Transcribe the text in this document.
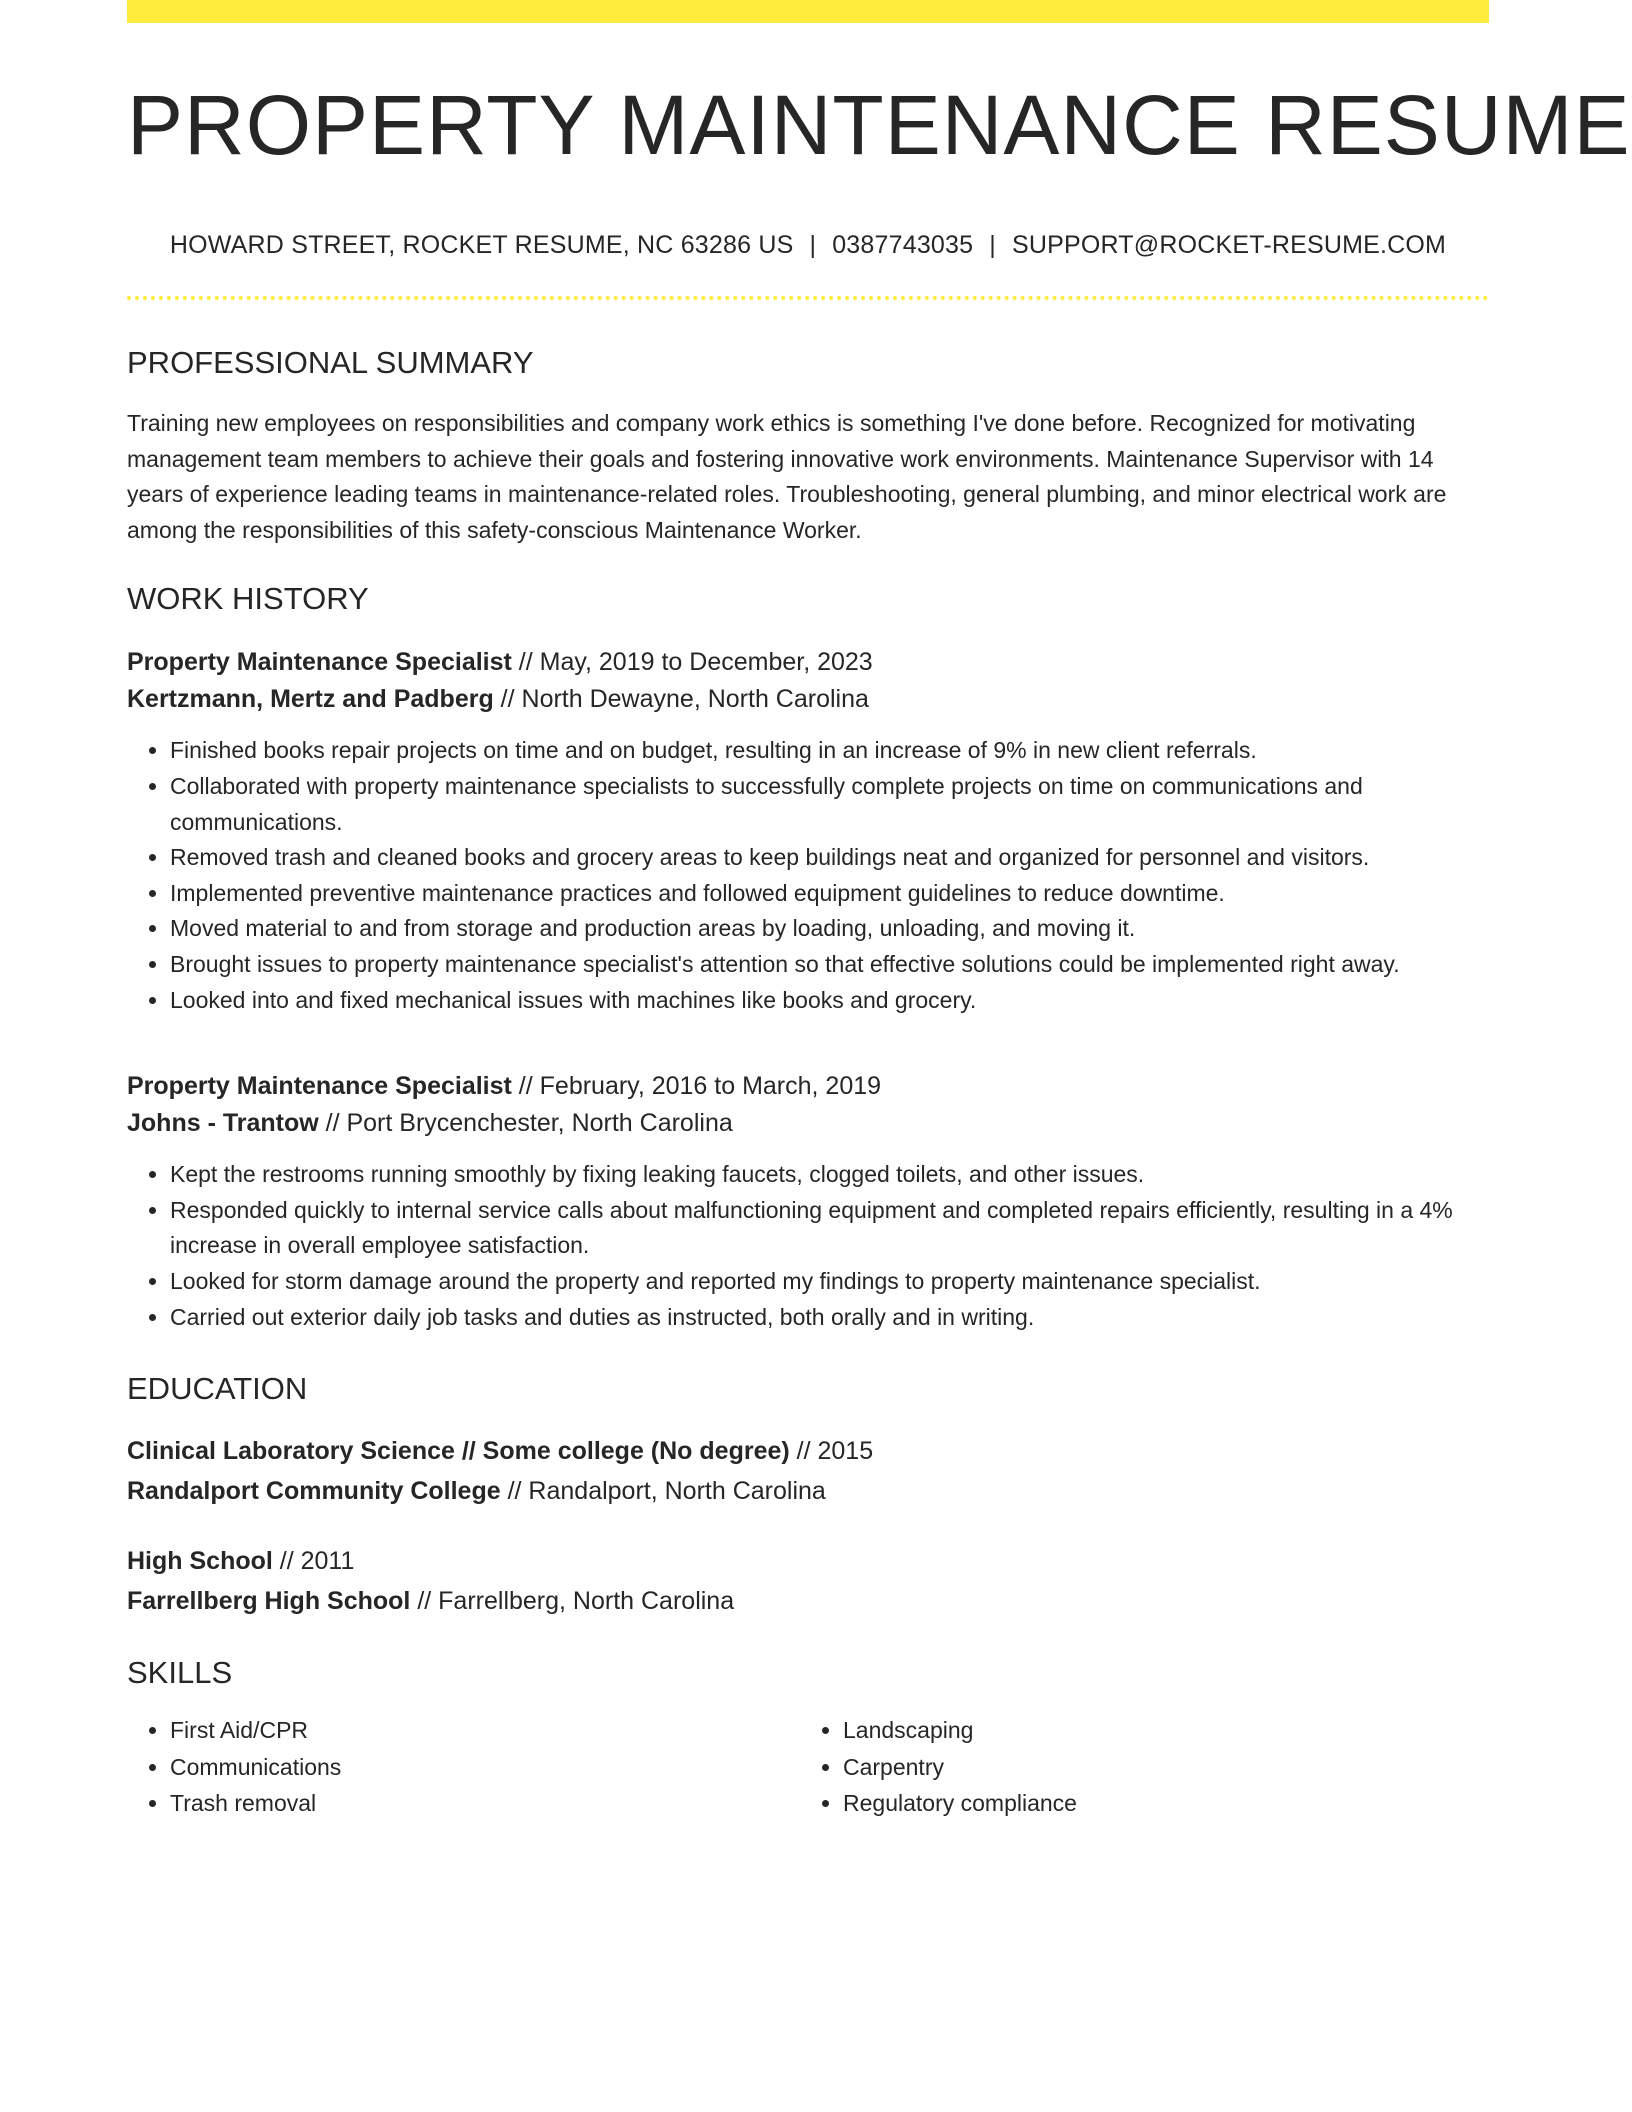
PROPERTY MAINTENANCE RESUME
HOWARD STREET, ROCKET RESUME, NC 63286 US | 0387743035 | SUPPORT@ROCKET-RESUME.COM
PROFESSIONAL SUMMARY

Training new employees on responsibilities and company work ethics is something I've done before. Recognized for motivating management team members to achieve their goals and fostering innovative work environments. Maintenance Supervisor with 14 years of experience leading teams in maintenance-related roles. Troubleshooting, general plumbing, and minor electrical work are among the responsibilities of this safety-conscious Maintenance Worker.

WORK HISTORY
Property Maintenance Specialist // May, 2019 to December, 2023
Kertzmann, Mertz and Padberg // North Dewayne, North Carolina
• Finished books repair projects on time and on budget, resulting in an increase of 9% in new client referrals.
• Collaborated with property maintenance specialists to successfully complete projects on time on communications and communications.
• Removed trash and cleaned books and grocery areas to keep buildings neat and organized for personnel and visitors.
• Implemented preventive maintenance practices and followed equipment guidelines to reduce downtime.
• Moved material to and from storage and production areas by loading, unloading, and moving it.
• Brought issues to property maintenance specialist's attention so that effective solutions could be implemented right away.
• Looked into and fixed mechanical issues with machines like books and grocery.
Property Maintenance Specialist // February, 2016 to March, 2019
Johns - Trantow // Port Brycenchester, North Carolina
• Kept the restrooms running smoothly by fixing leaking faucets, clogged toilets, and other issues.
• Responded quickly to internal service calls about malfunctioning equipment and completed repairs efficiently, resulting in a 4% increase in overall employee satisfaction.
• Looked for storm damage around the property and reported my findings to property maintenance specialist.
• Carried out exterior daily job tasks and duties as instructed, both orally and in writing.
EDUCATION
Clinical Laboratory Science // Some college (No degree) // 2015
Randalport Community College // Randalport, North Carolina
High School // 2011
Farrellberg High School // Farrellberg, North Carolina
SKILLS
• First Aid/CPR
• Communications
• Trash removal
• Landscaping
• Carpentry
• Regulatory compliance
